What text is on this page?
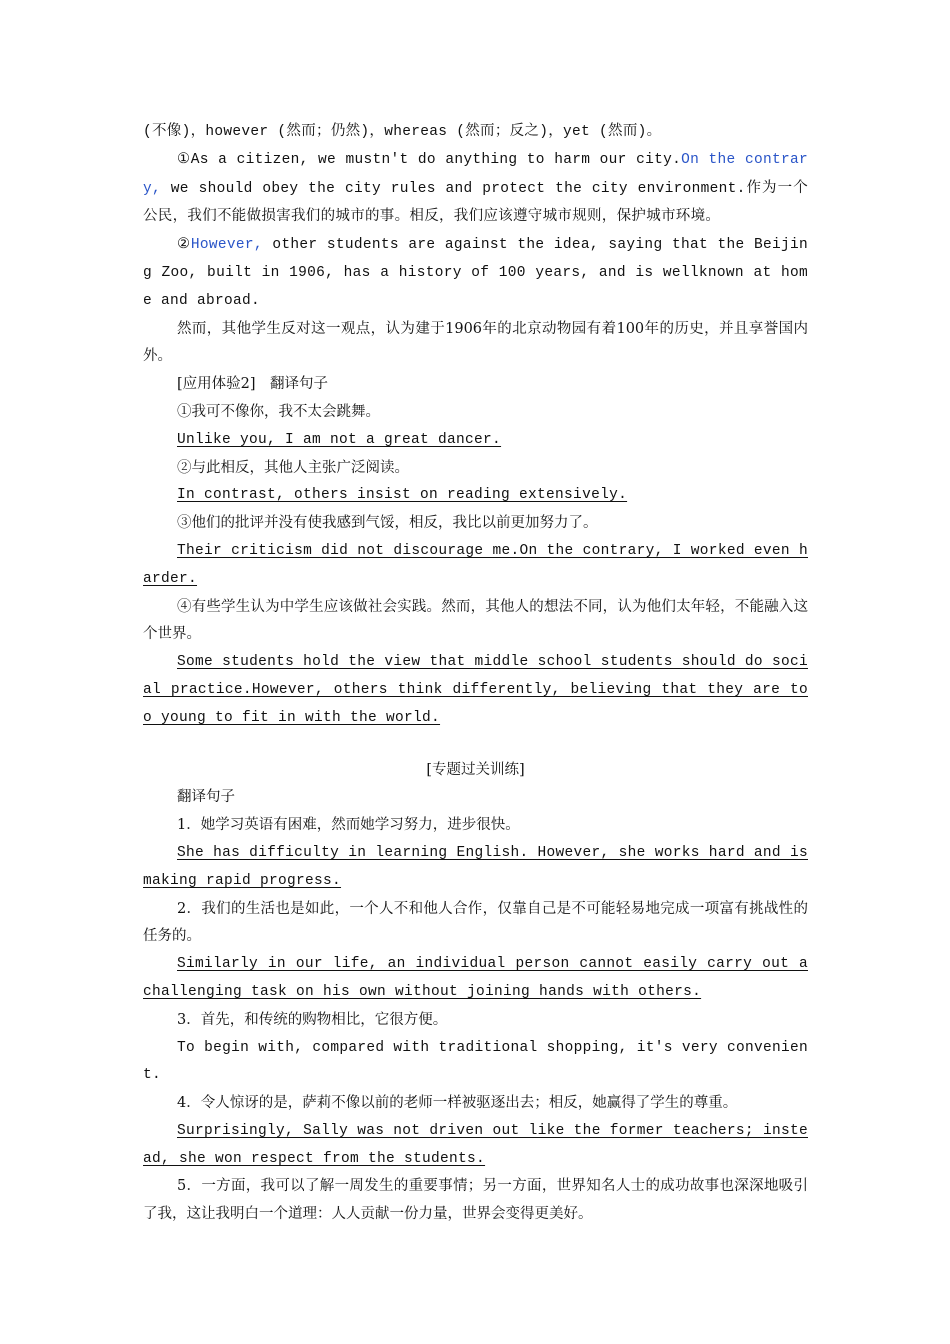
(不像)，however (然而；仍然)，whereas (然而；反之)，yet (然而)。

①As a citizen, we mustn't do anything to harm our city.On the contrary, we should obey the city rules and protect the city environment.作为一个公民，我们不能做损害我们的城市的事。相反，我们应该遵守城市规则，保护城市环境。

②However, other students are against the idea, saying that the Beijing Zoo, built in 1906, has a history of 100 years, and is wellknown at home and abroad.

然而，其他学生反对这一观点，认为建于1906年的北京动物园有着100年的历史，并且享誉国内外。

[应用体验2]　翻译句子

①我可不像你，我不太会跳舞。

Unlike you, I am not a great dancer.

②与此相反，其他人主张广泛阅读。

In contrast, others insist on reading extensively.

③他们的批评并没有使我感到气馁，相反，我比以前更加努力了。

Their criticism did not discourage me.On the contrary, I worked even harder.

④有些学生认为中学生应该做社会实践。然而，其他人的想法不同，认为他们太年轻，不能融入这个世界。

Some students hold the view that middle school students should do social practice.However, others think differently, believing that they are too young to fit in with the world.

[专题过关训练]

翻译句子

1．她学习英语有困难，然而她学习努力，进步很快。

She has difficulty in learning English. However, she works hard and is making rapid progress.

2．我们的生活也是如此，一个人不和他人合作，仅靠自己是不可能轻易地完成一项富有挑战性的任务的。

Similarly in our life, an individual person cannot easily carry out a challenging task on his own without joining hands with others.

3．首先，和传统的购物相比，它很方便。

To begin with, compared with traditional shopping, it's very convenient.

4．令人惊讶的是，萨莉不像以前的老师一样被驱逐出去；相反，她赢得了学生的尊重。

Surprisingly, Sally was not driven out like the former teachers; instead, she won respect from the students.

5．一方面，我可以了解一周发生的重要事情；另一方面，世界知名人士的成功故事也深深地吸引了我，这让我明白一个道理：人人贡献一份力量，世界会变得更美好。
